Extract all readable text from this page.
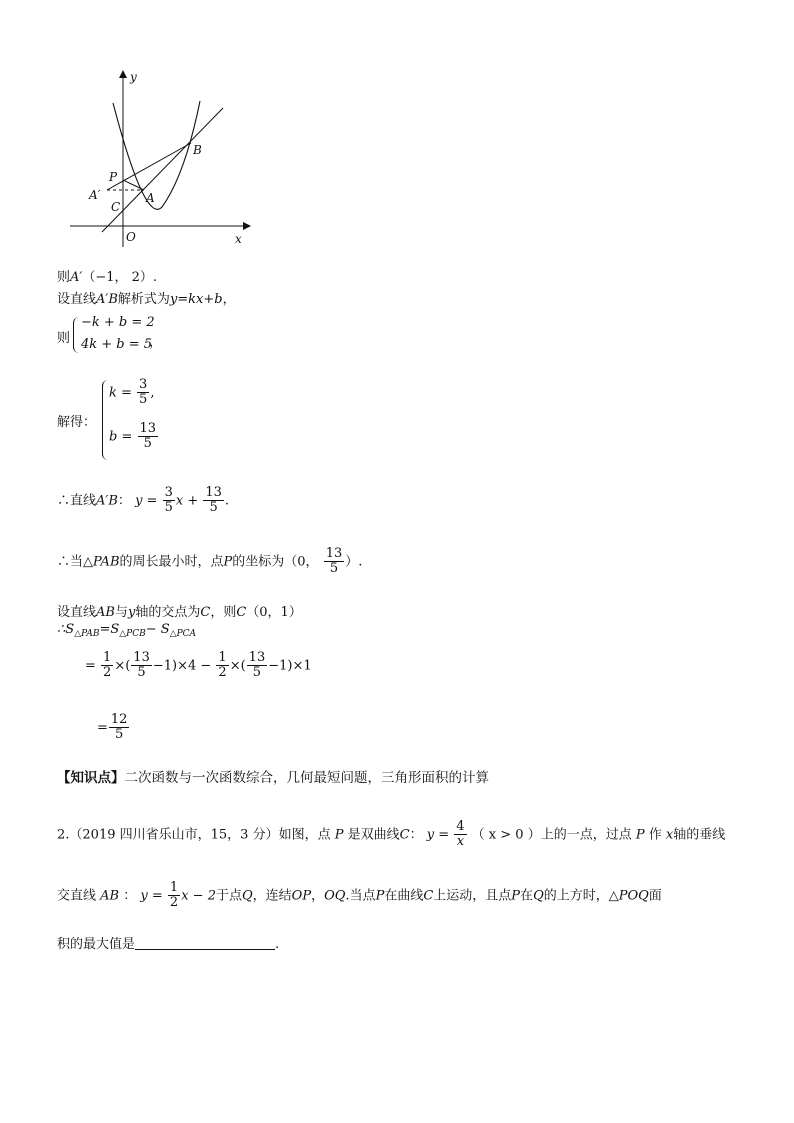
y
x
O
P
A′	A
C
B
则A′（−1， 2）.
设直线A′B解析式为y=kx+b，
则
−k + b = 2
4k + b = 5
，
解得：
$k = \frac{3}{5}$ ,
$b = \frac{13}{5}$
∴直线A′B： $y = \frac{3}{5}$ $x + \frac{13}{5}$ .
∴当△PAB的周长最小时，点P的坐标为（0， $\frac{13}{5}$ ）.
设直线AB与y轴的交点为C，则C（0，1）
$\therefore S_{\triangle PAB}=S_{\triangle PCB}- S_{\triangle PCA}$
= $\frac{1}{2}$ ×( $\frac{13}{5} -1)\times 4 - \frac{1}{2}$ ×( $\frac{13}{5} -1)\times 1$
= $\frac{12}{5}$
【知识点】二次函数与一次函数综合，几何最短问题，三角形面积的计算
2.（2019 四川省乐山市，15，3 分）如图，点 P 是双曲线C： $y = \frac{4}{x}$ （ x > 0 ）上的一点，过点 P 作 x轴的垂线
交直线 AB ： $y = \frac{1}{2}$ x − 2于点Q，连结OP，OQ.当点P在曲线C上运动，且点P在Q的上方时，△POQ面
积的最大值是	.
